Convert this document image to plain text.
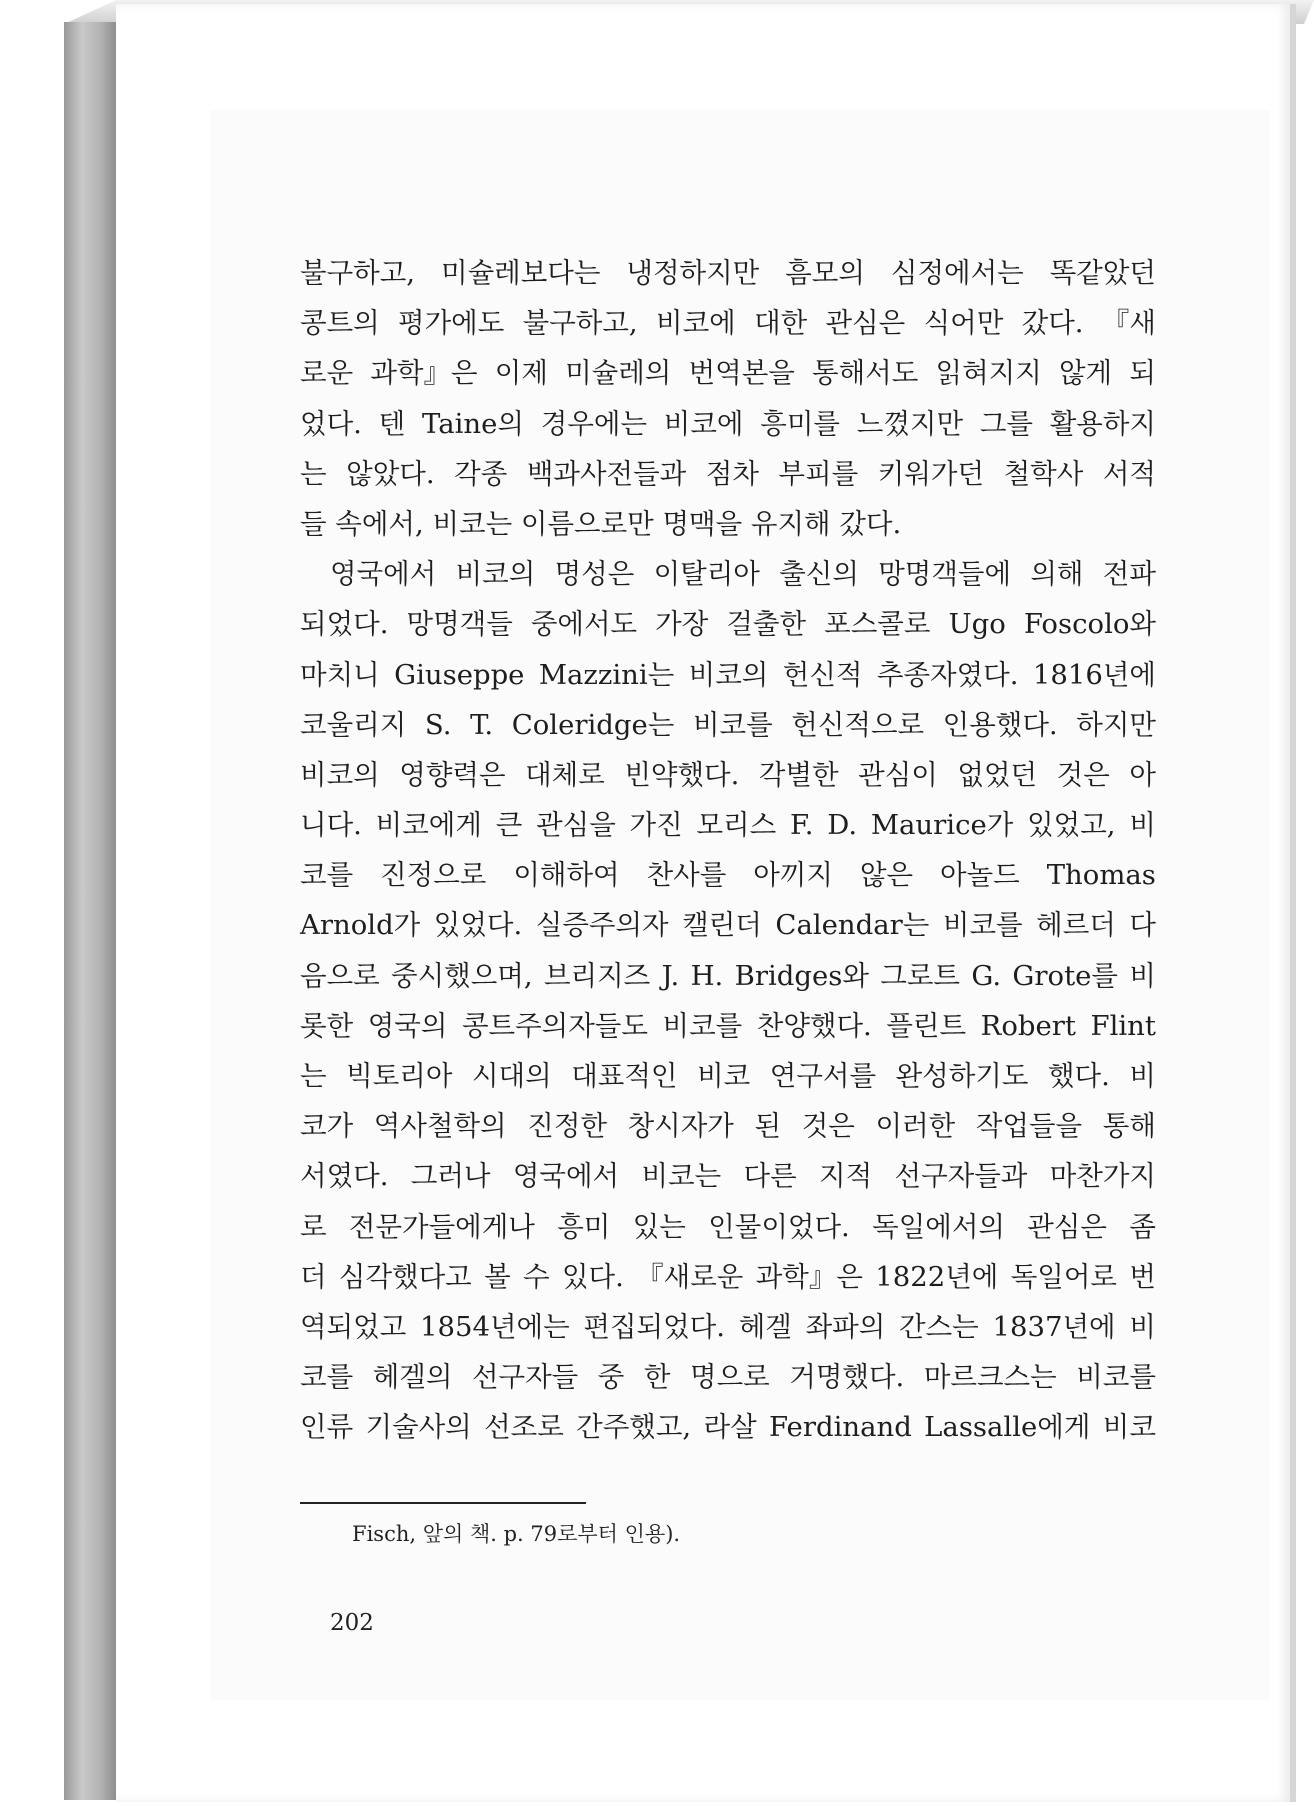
불구하고, 미슐레보다는 냉정하지만 흠모의 심정에서는 똑같았던
콩트의 평가에도 불구하고, 비코에 대한 관심은 식어만 갔다. 『새
로운 과학』은 이제 미슐레의 번역본을 통해서도 읽혀지지 않게 되
었다. 텐 Taine의 경우에는 비코에 흥미를 느꼈지만 그를 활용하지
는 않았다. 각종 백과사전들과 점차 부피를 키워가던 철학사 서적
들 속에서, 비코는 이름으로만 명맥을 유지해 갔다.
영국에서 비코의 명성은 이탈리아 출신의 망명객들에 의해 전파
되었다. 망명객들 중에서도 가장 걸출한 포스콜로 Ugo Foscolo와
마치니 Giuseppe Mazzini는 비코의 헌신적 추종자였다. 1816년에
코울리지 S. T. Coleridge는 비코를 헌신적으로 인용했다. 하지만
비코의 영향력은 대체로 빈약했다. 각별한 관심이 없었던 것은 아
니다. 비코에게 큰 관심을 가진 모리스 F. D. Maurice가 있었고, 비
코를 진정으로 이해하여 찬사를 아끼지 않은 아놀드 Thomas
Arnold가 있었다. 실증주의자 캘린더 Calendar는 비코를 헤르더 다
음으로 중시했으며, 브리지즈 J. H. Bridges와 그로트 G. Grote를 비
롯한 영국의 콩트주의자들도 비코를 찬양했다. 플린트 Robert Flint
는 빅토리아 시대의 대표적인 비코 연구서를 완성하기도 했다. 비
코가 역사철학의 진정한 창시자가 된 것은 이러한 작업들을 통해
서였다. 그러나 영국에서 비코는 다른 지적 선구자들과 마찬가지
로 전문가들에게나 흥미 있는 인물이었다. 독일에서의 관심은 좀
더 심각했다고 볼 수 있다. 『새로운 과학』은 1822년에 독일어로 번
역되었고 1854년에는 편집되었다. 헤겔 좌파의 간스는 1837년에 비
코를 헤겔의 선구자들 중 한 명으로 거명했다. 마르크스는 비코를
인류 기술사의 선조로 간주했고, 라살 Ferdinand Lassalle에게 비코
Fisch, 앞의 책. p. 79로부터 인용).
202
